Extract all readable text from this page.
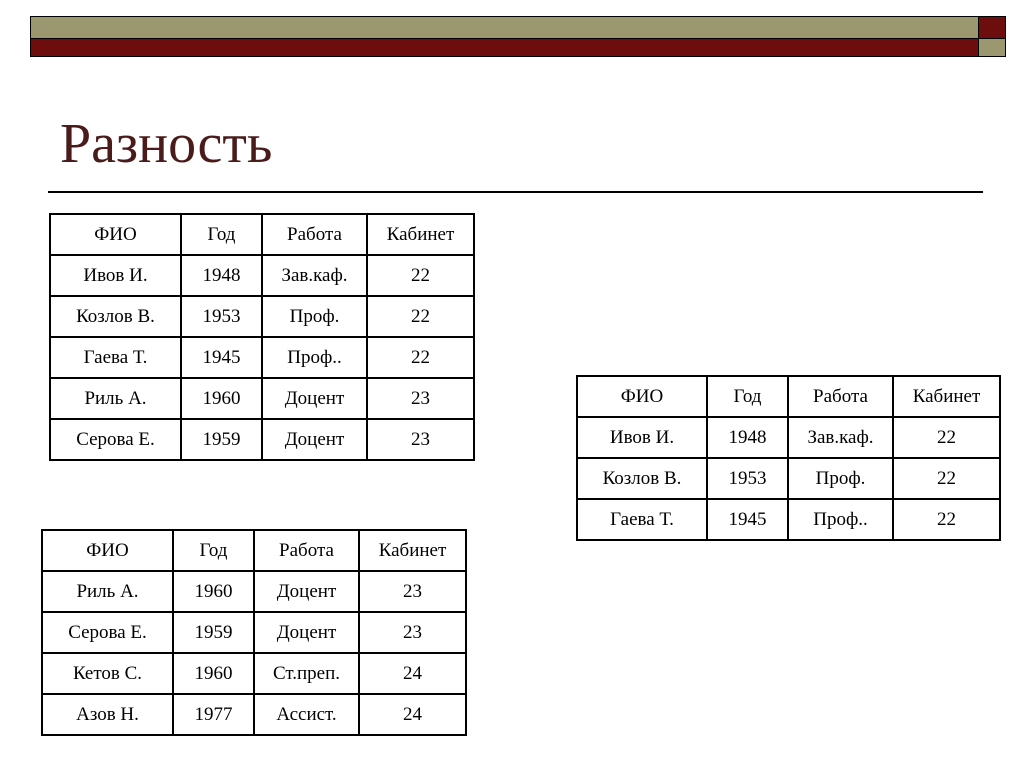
Разность
ФИО	Год	Работа	Кабинет
Ивов И.	1948	Зав.каф.	22
Козлов В.	1953	Проф.	22
Гаева Т.	1945	Проф..	22
Риль А.	1960	Доцент	23
Серова Е.	1959	Доцент	23
ФИО	Год	Работа	Кабинет
Ивов И.	1948	Зав.каф.	22
Козлов В.	1953	Проф.	22
Гаева Т.	1945	Проф..	22
ФИО	Год	Работа	Кабинет
Риль А.	1960	Доцент	23
Серова Е.	1959	Доцент	23
Кетов С.	1960	Ст.преп.	24
Азов Н.	1977	Ассист.	24
